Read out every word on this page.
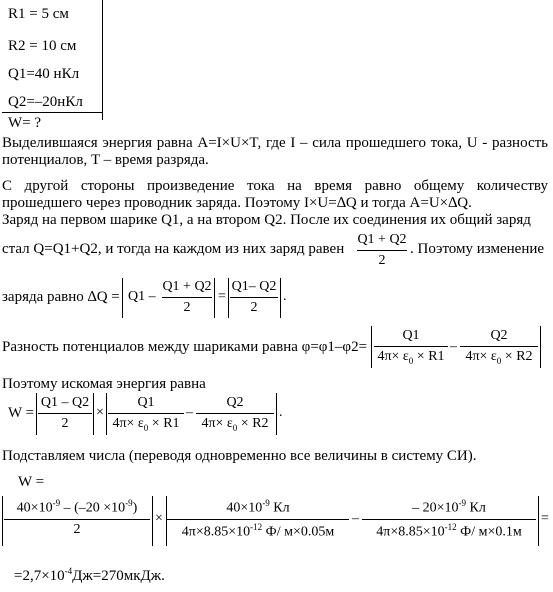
R1 = 5 см
R2 = 10 см
Q1=40 нКл
Q2=–20нКл
W= ?
Выделившаяся энергия равна A=I×U×T, где I – сила прошедшего тока, U - разность потенциалов, T – время разряда.
С другой стороны произведение тока на время равно общему количеству прошедшего через проводник заряда. Поэтому I×U=∆Q и тогда A=U×∆Q.
Заряд на первом шарике Q1, а на втором Q2. После их соединения их общий заряд
стал Q=Q1+Q2, и тогда на каждом из них заряд равен
Q1 + Q2
2
. Поэтому изменение
заряда равно ∆Q = Q1 –
Q1 + Q2
2
=
Q1– Q2
2
.
Разность потенциалов между шариками равна φ=φ1–φ2=
Q1
$4\pi\times \varepsilon_0 \times R1$
–
Q2
$4\pi\times \varepsilon_0 \times R2$
Поэтому искомая энергия равна
W =
Q1 – Q2
2
×
Q1
$4\pi\times \varepsilon_0 \times R1$
–
Q2
$4\pi\times \varepsilon_0 \times R2$
.
Подставляем числа (переводя одновременно все величины в систему СИ).
W =
$40\times 10^{-9} - (-20 \times 10^{-9})$
2
×
$40\times 10^{-9}$ Кл
$4\pi\times 8.85\times 10^{-12}$ Ф/ м×0.05м
–
– $20\times 10^{-9}$ Кл
$4\pi\times 8.85\times 10^{-12}$ Ф/ м×0.1м
=
$=2,7\times 10^{-4}Дж=270мкДж$.
